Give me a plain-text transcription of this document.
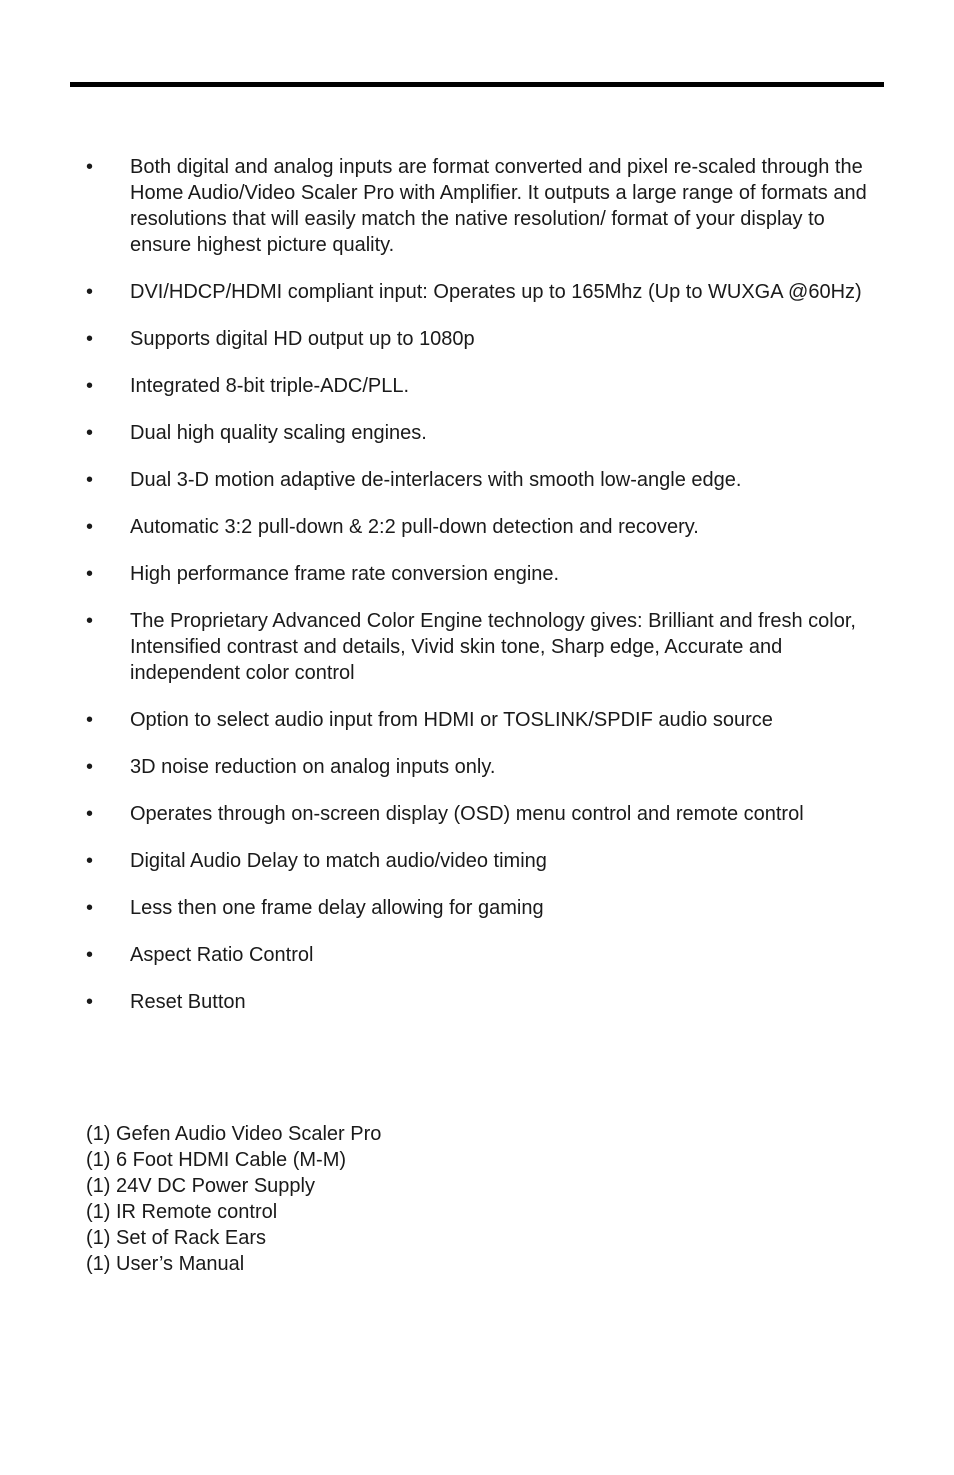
• Both digital and analog inputs are format converted and pixel re-scaled through the Home Audio/Video Scaler Pro with Amplifier. It outputs a large range of formats and resolutions that will easily match the native resolution/ format of your display to ensure highest picture quality.
• DVI/HDCP/HDMI compliant input: Operates up to 165Mhz (Up to WUXGA @60Hz)
• Supports digital HD output up to 1080p
• Integrated 8-bit triple-ADC/PLL.
• Dual high quality scaling engines.
• Dual 3-D motion adaptive de-interlacers with smooth low-angle edge.
• Automatic 3:2 pull-down & 2:2 pull-down detection and recovery.
• High performance frame rate conversion engine.
• The Proprietary Advanced Color Engine technology gives: Brilliant and fresh color, Intensified contrast and details, Vivid skin tone, Sharp edge, Accurate and independent color control
• Option to select audio input from HDMI or TOSLINK/SPDIF audio source
• 3D noise reduction on analog inputs only.
• Operates through on-screen display (OSD) menu control and remote control
• Digital Audio Delay to match audio/video timing
• Less then one frame delay allowing for gaming
• Aspect Ratio Control
• Reset Button
(1) Gefen Audio Video Scaler Pro
(1) 6 Foot HDMI Cable (M-M)
(1) 24V DC Power Supply
(1) IR Remote control
(1) Set of Rack Ears
(1) User’s Manual
